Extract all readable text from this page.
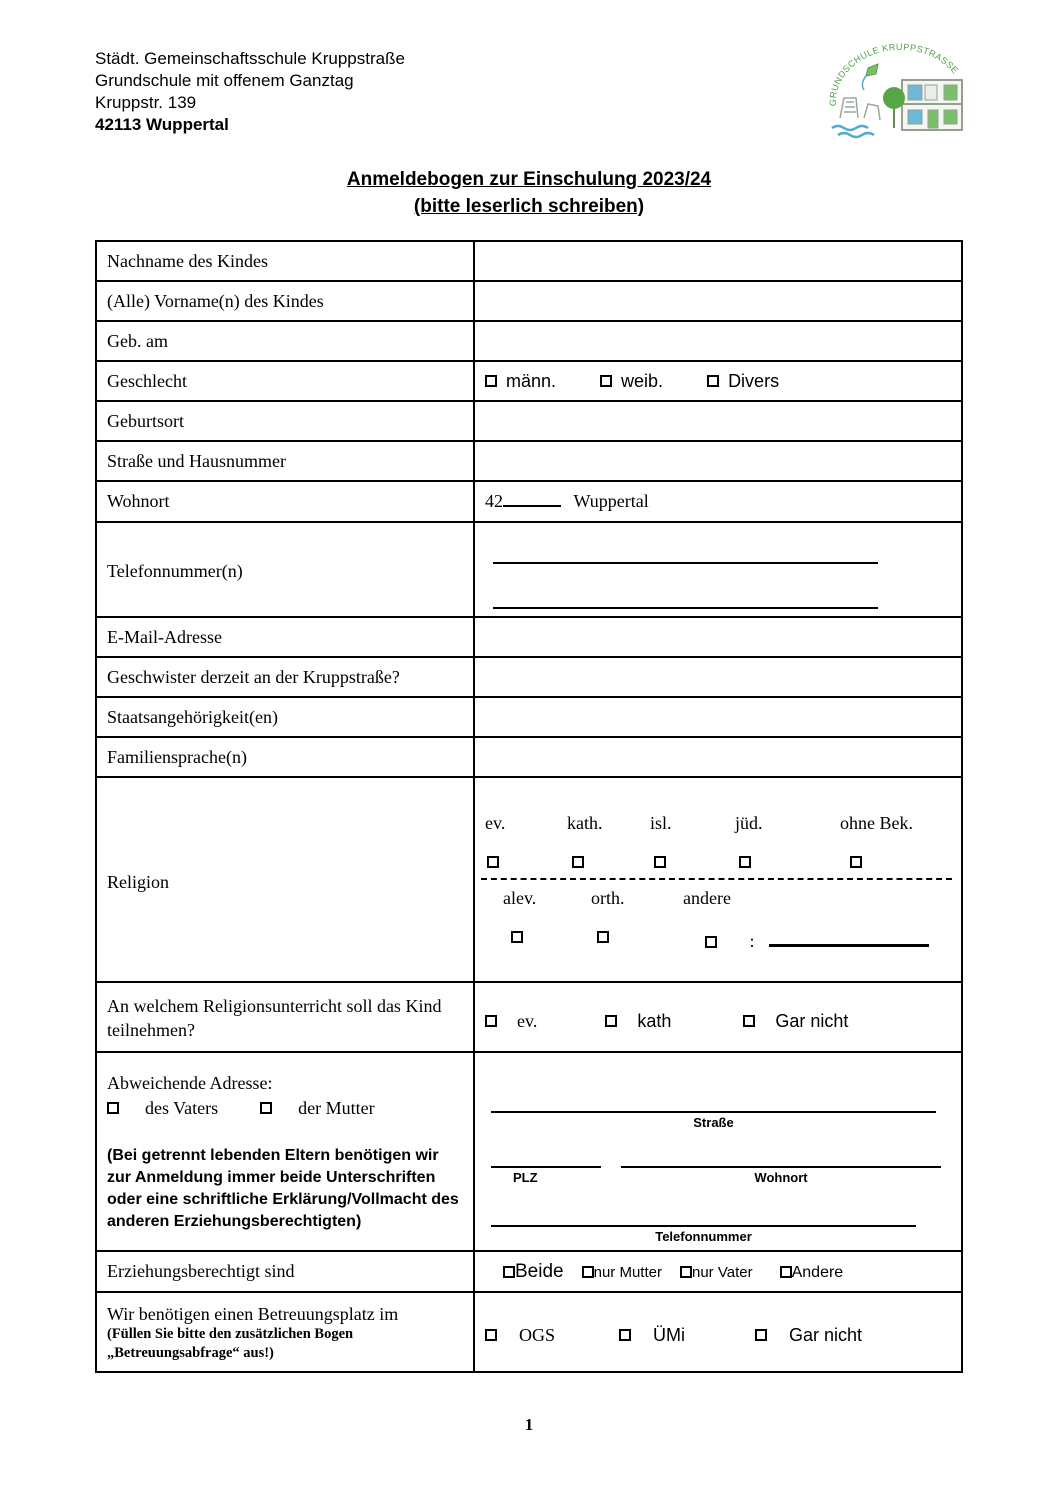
Städt. Gemeinschaftsschule Kruppstraße
Grundschule mit offenem Ganztag
Kruppstr. 139
42113 Wuppertal
GRUNDSCHULE KRUPPSTRASSE
Anmeldebogen zur Einschulung 2023/24
(bitte leserlich schreiben)
Nachname des Kindes	
(Alle) Vorname(n) des Kindes	
Geb. am	
Geschlecht	männ. weib. Divers

Geburtsort	
Straße und Hausnummer	
Wohnort	42 Wuppertal
Telefonnummer(n)	

E-Mail-Adresse	
Geschwister derzeit an der Kruppstraße?	
Staatsangehörigkeit(en)	
Familiensprache(n)	
Religion	
ev.	kath.	isl.	jüd.	ohne Bek.
alev.	orth.	andere
:

An welchem Religionsunterricht soll das Kind teilnehmen?	ev. kath Gar nicht

Abweichende Adresse:
des Vaters	der Mutter
(Bei getrennt lebenden Eltern benötigen wir zur Anmeldung immer beide Unterschriften oder eine schriftliche Erklärung/Vollmacht des anderen Erziehungsberechtigten)

Straße
PLZ	Wohnort
Telefonnummer

Erziehungsberechtigt sind	Beide nur Mutter nur Vater Andere

Wir benötigen einen Betreuungsplatz im
(Füllen Sie bitte den zusätzlichen Bogen
„Betreuungsabfrage“ aus!)

OGS	ÜMi	Gar nicht
1
